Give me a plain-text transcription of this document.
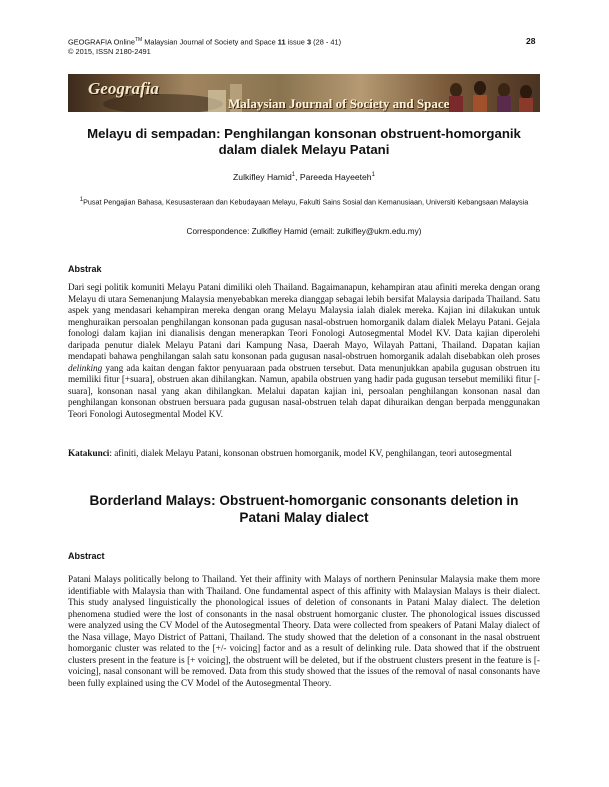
GEOGRAFIA Online™ Malaysian Journal of Society and Space 11 issue 3 (28 - 41)
© 2015, ISSN 2180-2491
28
Geografia
Malaysian Journal of Society and Space
Melayu di sempadan: Penghilangan konsonan obstruent-homorganik
dalam dialek Melayu Patani
Zulkifley Hamid$^1$, Pareeda Hayeeteh$^1$
$^1$Pusat Pengajian Bahasa, Kesusasteraan dan Kebudayaan Melayu, Fakulti Sains Sosial dan Kemanusiaan, Universiti Kebangsaan Malaysia
Correspondence: Zulkifley Hamid (email: zulkifley@ukm.edu.my)
Abstrak
Dari segi politik komuniti Melayu Patani dimiliki oleh Thailand. Bagaimanapun, kehampiran atau afiniti mereka dengan orang Melayu di utara Semenanjung Malaysia menyebabkan mereka dianggap sebagai lebih bersifat Malaysia daripada Thailand. Satu aspek yang mendasari kehampiran mereka dengan orang Melayu Malaysia ialah dialek mereka. Kajian ini dilakukan untuk menghuraikan persoalan penghilangan konsonan pada gugusan nasal-obstruen homorganik dalam dialek Melayu Patani. Gejala fonologi dalam kajian ini dianalisis dengan menerapkan Teori Fonologi Autosegmental Model KV. Data kajian diperolehi daripada penutur dialek Melayu Patani dari Kampung Nasa, Daerah Mayo, Wilayah Pattani, Thailand. Dapatan kajian mendapati bahawa penghilangan salah satu konsonan pada gugusan nasal-obstruen homorganik adalah disebabkan oleh proses delinking yang ada kaitan dengan faktor penyuaraan pada obstruen tersebut. Data menunjukkan apabila gugusan obstruen itu memiliki fitur [+suara], obstruen akan dihilangkan. Namun, apabila obstruen yang hadir pada gugusan tersebut memiliki fitur [-suara], konsonan nasal yang akan dihilangkan. Melalui dapatan kajian ini, persoalan penghilangan konsonan nasal dan penghilangan konsonan obstruen bersuara pada gugusan nasal-obstruen telah dapat dihuraikan dengan berpada menggunakan Teori Fonologi Autosegmental Model KV.
Katakunci: afiniti, dialek Melayu Patani, konsonan obstruen homorganik, model KV, penghilangan, teori autosegmental
Borderland Malays: Obstruent-homorganic consonants deletion in
Patani Malay dialect
Abstract
Patani Malays politically belong to Thailand. Yet their affinity with Malays of northern Peninsular Malaysia make them more identifiable with Malaysia than with Thailand. One fundamental aspect of this affinity with Malaysian Malays is their dialect. This study analysed linguistically the phonological issues of deletion of consonants in Patani Malay dialect. The deletion phenomena studied were the lost of consonants in the nasal obstruent homorganic cluster. The phonological issues discussed were analyzed using the CV Model of the Autosegmental Theory. Data were collected from speakers of Patani Malay dialect of the Nasa village, Mayo District of Pattani, Thailand. The study showed that the deletion of a consonant in the nasal obstruent homorganic cluster was related to the [+/- voicing] factor and as a result of delinking rule. Data showed that if the obstruent clusters present in the feature is [+ voicing], the obstruent will be deleted, but if the obstruent clusters present in the feature is [- voicing], nasal consonant will be removed. Data from this study showed that the issues of the removal of nasal consonants have been fully explained using the CV Model of the Autosegmental Theory.
